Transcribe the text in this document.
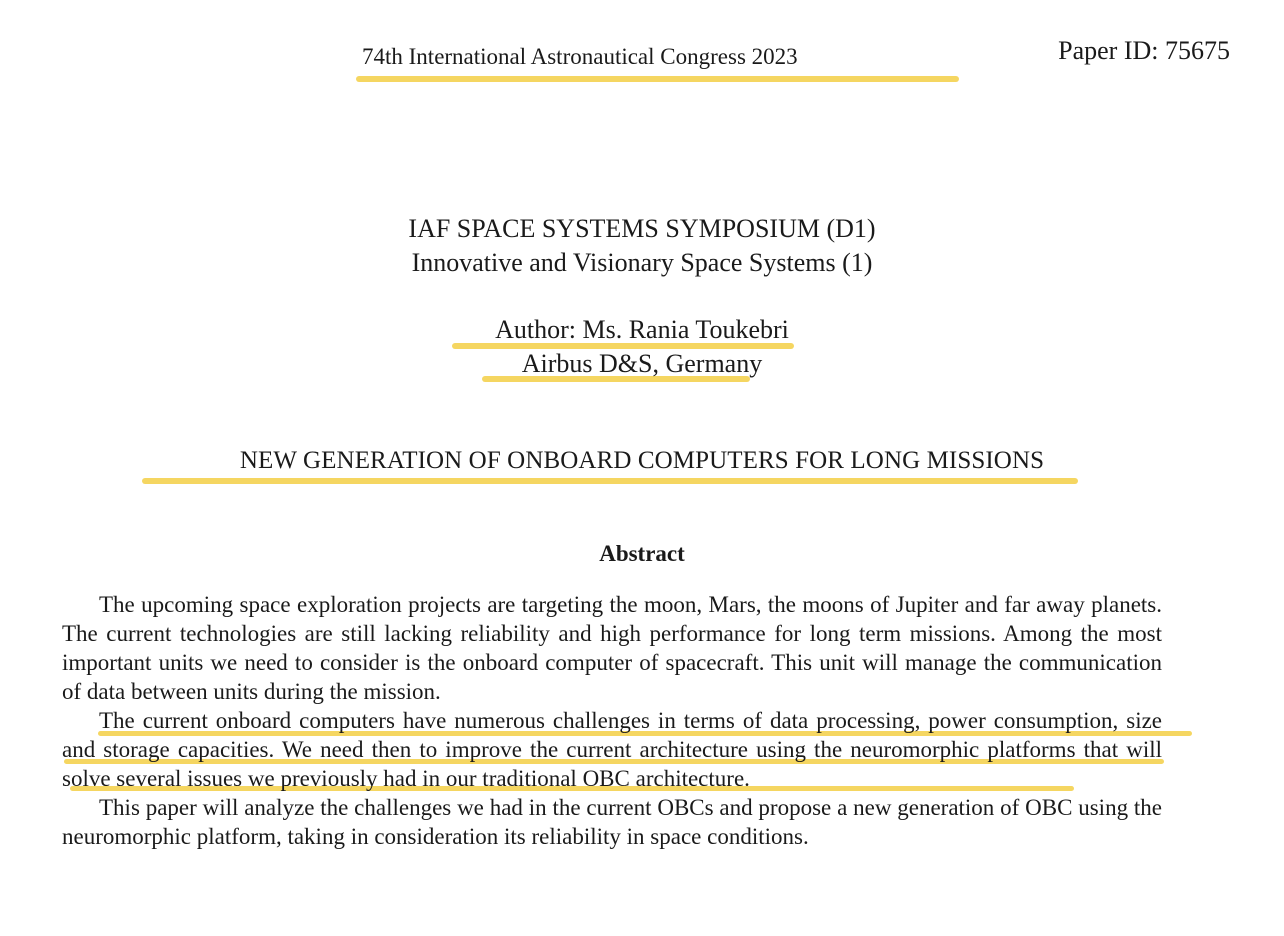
74th International Astronautical Congress 2023	Paper ID: 75675
IAF SPACE SYSTEMS SYMPOSIUM (D1)
Innovative and Visionary Space Systems (1)
Author: Ms. Rania Toukebri
Airbus D&S, Germany
NEW GENERATION OF ONBOARD COMPUTERS FOR LONG MISSIONS
Abstract

The upcoming space exploration projects are targeting the moon, Mars, the moons of Jupiter and far away planets. The current technologies are still lacking reliability and high performance for long term missions. Among the most important units we need to consider is the onboard computer of spacecraft. This unit will manage the communication of data between units during the mission.

The current onboard computers have numerous challenges in terms of data processing, power consumption, size and storage capacities. We need then to improve the current architecture using the neuromorphic platforms that will solve several issues we previously had in our traditional OBC architecture.

This paper will analyze the challenges we had in the current OBCs and propose a new generation of OBC using the neuromorphic platform, taking in consideration its reliability in space conditions.
